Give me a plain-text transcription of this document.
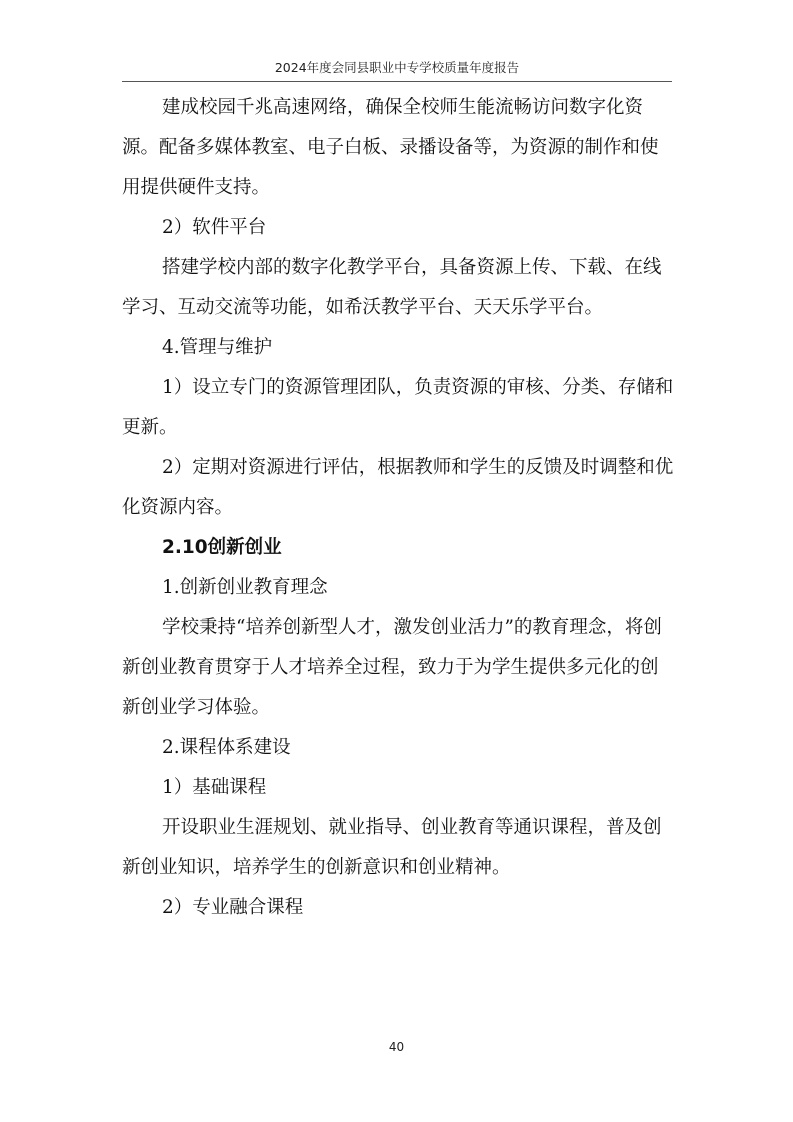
2024年度会同县职业中专学校质量年度报告

建成校园千兆高速网络，确保全校师生能流畅访问数字化资源。配备多媒体教室、电子白板、录播设备等，为资源的制作和使用提供硬件支持。

2）软件平台

搭建学校内部的数字化教学平台，具备资源上传、下载、在线学习、互动交流等功能，如希沃教学平台、天天乐学平台。

4.管理与维护

1）设立专门的资源管理团队，负责资源的审核、分类、存储和更新。

2）定期对资源进行评估，根据教师和学生的反馈及时调整和优化资源内容。

2.10创新创业

1.创新创业教育理念

学校秉持“培养创新型人才，激发创业活力”的教育理念，将创新创业教育贯穿于人才培养全过程，致力于为学生提供多元化的创新创业学习体验。

2.课程体系建设

1）基础课程

开设职业生涯规划、就业指导、创业教育等通识课程，普及创新创业知识，培养学生的创新意识和创业精神。

2）专业融合课程

40
